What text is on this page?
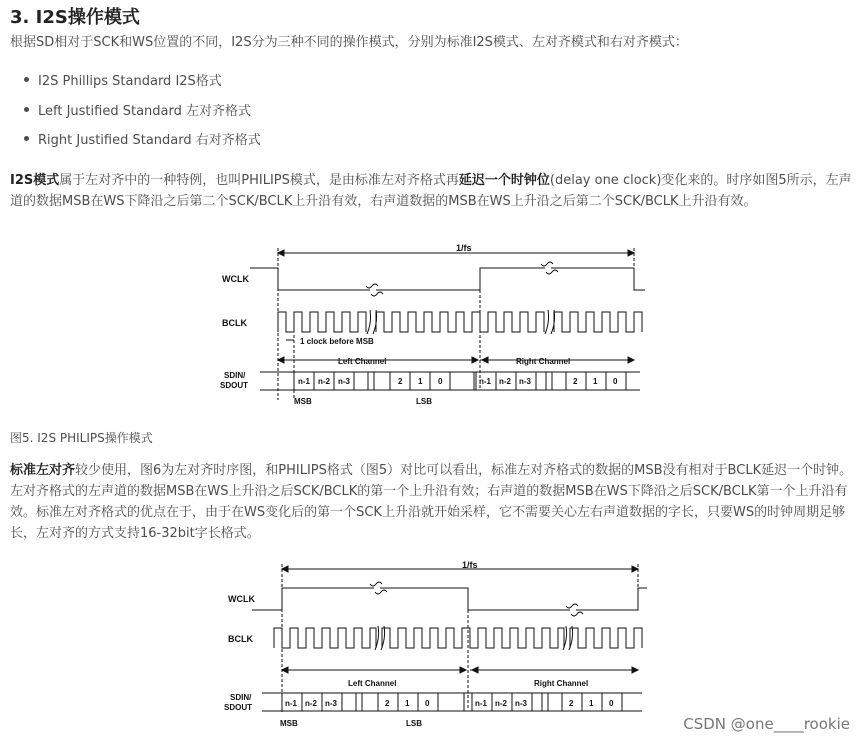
3. I2S操作模式
根据SD相对于SCK和WS位置的不同，I2S分为三种不同的操作模式，分别为标准I2S模式、左对齐模式和右对齐模式：
I2S Phillips Standard I2S格式
Left Justified Standard 左对齐格式
Right Justified Standard 右对齐格式
I2S模式属于左对齐中的一种特例，也叫PHILIPS模式，是由标准左对齐格式再延迟一个时钟位(delay one clock)变化来的。时序如图5所示，左声道的数据MSB在WS下降沿之后第二个SCK/BCLK上升沿有效，右声道数据的MSB在WS上升沿之后第二个SCK/BCLK上升沿有效。
1/fs
WCLK
BCLK
1 clock before MSB
Left Channel	Right Channel
SDIN/
SDOUT	n-1 n-2 n-3	2 1 0	n-1 n-2 n-3	2 1 0
MSB	LSB
图5. I2S PHILIPS操作模式
标准左对齐较少使用，图6为左对齐时序图，和PHILIPS格式（图5）对比可以看出，标准左对齐格式的数据的MSB没有相对于BCLK延迟一个时钟。左对齐格式的左声道的数据MSB在WS上升沿之后SCK/BCLK的第一个上升沿有效；右声道的数据MSB在WS下降沿之后SCK/BCLK第一个上升沿有效。标准左对齐格式的优点在于，由于在WS变化后的第一个SCK上升沿就开始采样，它不需要关心左右声道数据的字长，只要WS的时钟周期足够长，左对齐的方式支持16-32bit字长格式。
1/fs
WCLK
BCLK
Left Channel	Right Channel
SDIN/
SDOUT	n-1 n-2 n-3	2 1 0	n-1 n-2 n-3	2 1 0
MSB	LSB	CSDN @one____rookie
